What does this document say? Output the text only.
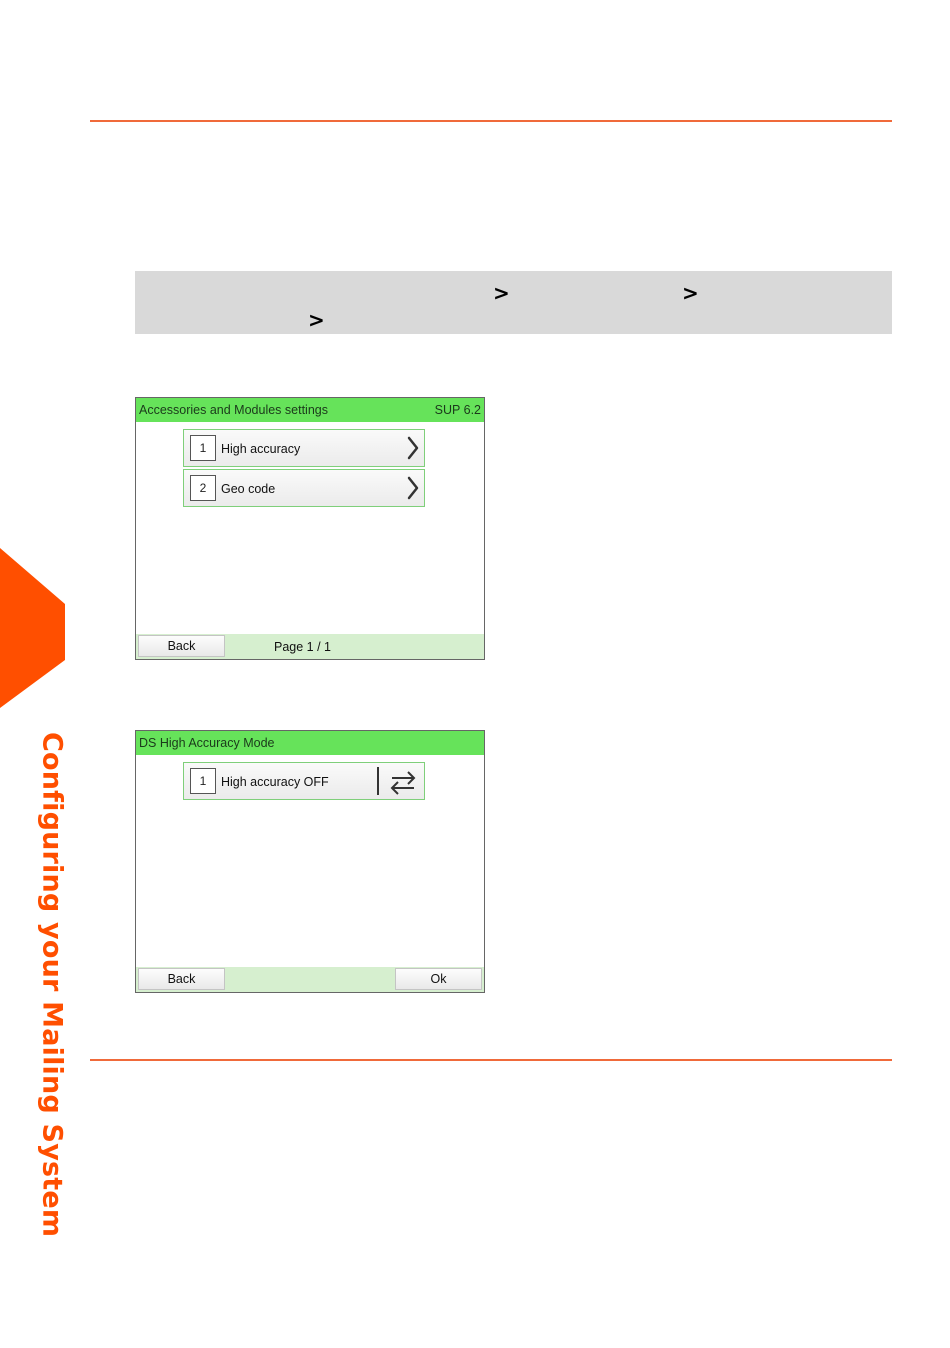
>	>
>
Accessories and Modules settings	SUP 6.2
1	High accuracy
2	Geo code
Back	Page 1 / 1
DS High Accuracy Mode
1	High accuracy OFF
Back	Ok
Configuring your Mailing System
